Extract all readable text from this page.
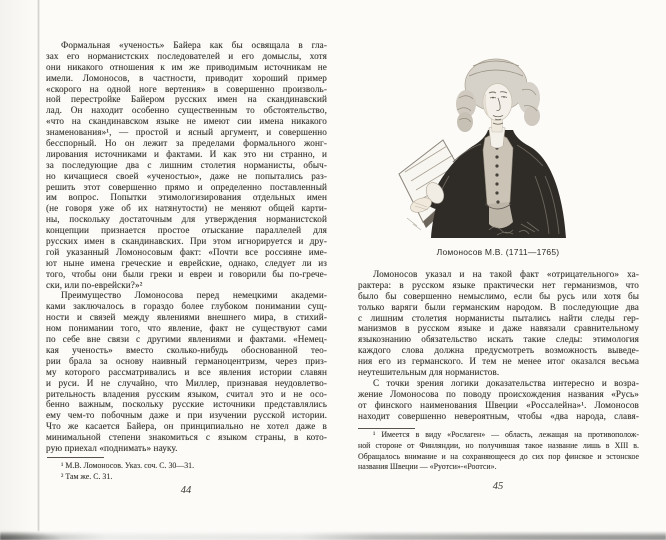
Формальная «ученость» Байера как бы освящала в гла-
зах его норманистских последователей и его домыслы, хотя
они никакого отношения к им же приводимым источникам не
имели. Ломоносов, в частности, приводит хороший пример
«скорого на одной ноге вертения» в совершенно произволь-
ной перестройке Байером русских имен на скандинавский
лад. Он находит особенно существенным то обстоятельство,
«что на скандинавском языке не имеют сии имена никакого
знаменования»¹, — простой и ясный аргумент, и совершенно
бесспорный. Но он лежит за пределами формального жонг-
лирования источниками и фактами. И как это ни странно, и
за последующие два с лишним столетия норманисты, обыч-
но кичащиеся своей «ученостью», даже не попытались раз-
решить этот совершенно прямо и определенно поставленный
им вопрос. Попытки этимологизирования отдельных имен
(не говоря уже об их натянутости) не меняют общей карти-
ны, поскольку достаточным для утверждения норманистской
концепции признается простое отыскание параллелей для
русских имен в скандинавских. При этом игнорируется и дру-
гой указанный Ломоносовым факт: «Почти все россияне име-
ют ныне имена греческие и еврейские, однако, следует ли из
того, чтобы они были греки и евреи и говорили бы по-грече-
ски, или по-еврейски?»²
Преимущество Ломоносова перед немецкими академи-
ками заключалось в гораздо более глубоком понимании сущ-
ности и связей между явлениями внешнего мира, в стихий-
ном понимании того, что явление, факт не существуют сами
по себе вне связи с другими явлениями и фактами. «Немец-
кая ученость» вместо сколько-нибудь обоснованной тео-
рии брала за основу наивный германоцентризм, через приз-
му которого рассматривались и все явления истории славян
и руси. И не случайно, что Миллер, признавая неудовлетво-
рительность владения русским языком, считал это и не осо-
бенно важным, поскольку русские источники представлялись
ему чем-то побочным даже и при изучении русской истории.
Что же касается Байера, он принципиально не хотел даже в
минимальной степени знакомиться с языком страны, в кото-
рую приехал «поднимать» науку.
¹ М.В. Ломоносов. Указ. соч. С. 30—31.
² Там же. С. 31.
44
Ломоносов М.В. (1711—1765)
Ломоносов указал и на такой факт «отрицательного» ха-
рактера: в русском языке практически нет германизмов, что
было бы совершенно немыслимо, если бы русь или хотя бы
только варяги были германским народом. В последующие два
с лишним столетия норманисты пытались найти следы гер-
манизмов в русском языке и даже навязали сравнительному
языкознанию обязательство искать такие следы: этимология
каждого слова должна предусмотреть возможность выведе-
ния его из германского. И тем не менее итог оказался весьма
неутешительным для норманистов.
С точки зрения логики доказательства интересно и возра-
жение Ломоносова по поводу происхождения названия «Русь»
от финского наименования Швеции «Россалейна»¹. Ломоносов
находит совершенно невероятным, чтобы «два народа, славя-
¹ Имеется в виду «Рослаген» — область, лежащая на противополож-
ной стороне от Финляндии, но получившая такое название лишь в XIII в.
Обращалось внимание и на сохраняющееся до сих пор финское и эстонское
названия Швеции — «Руотси»-«Роотси».
45
